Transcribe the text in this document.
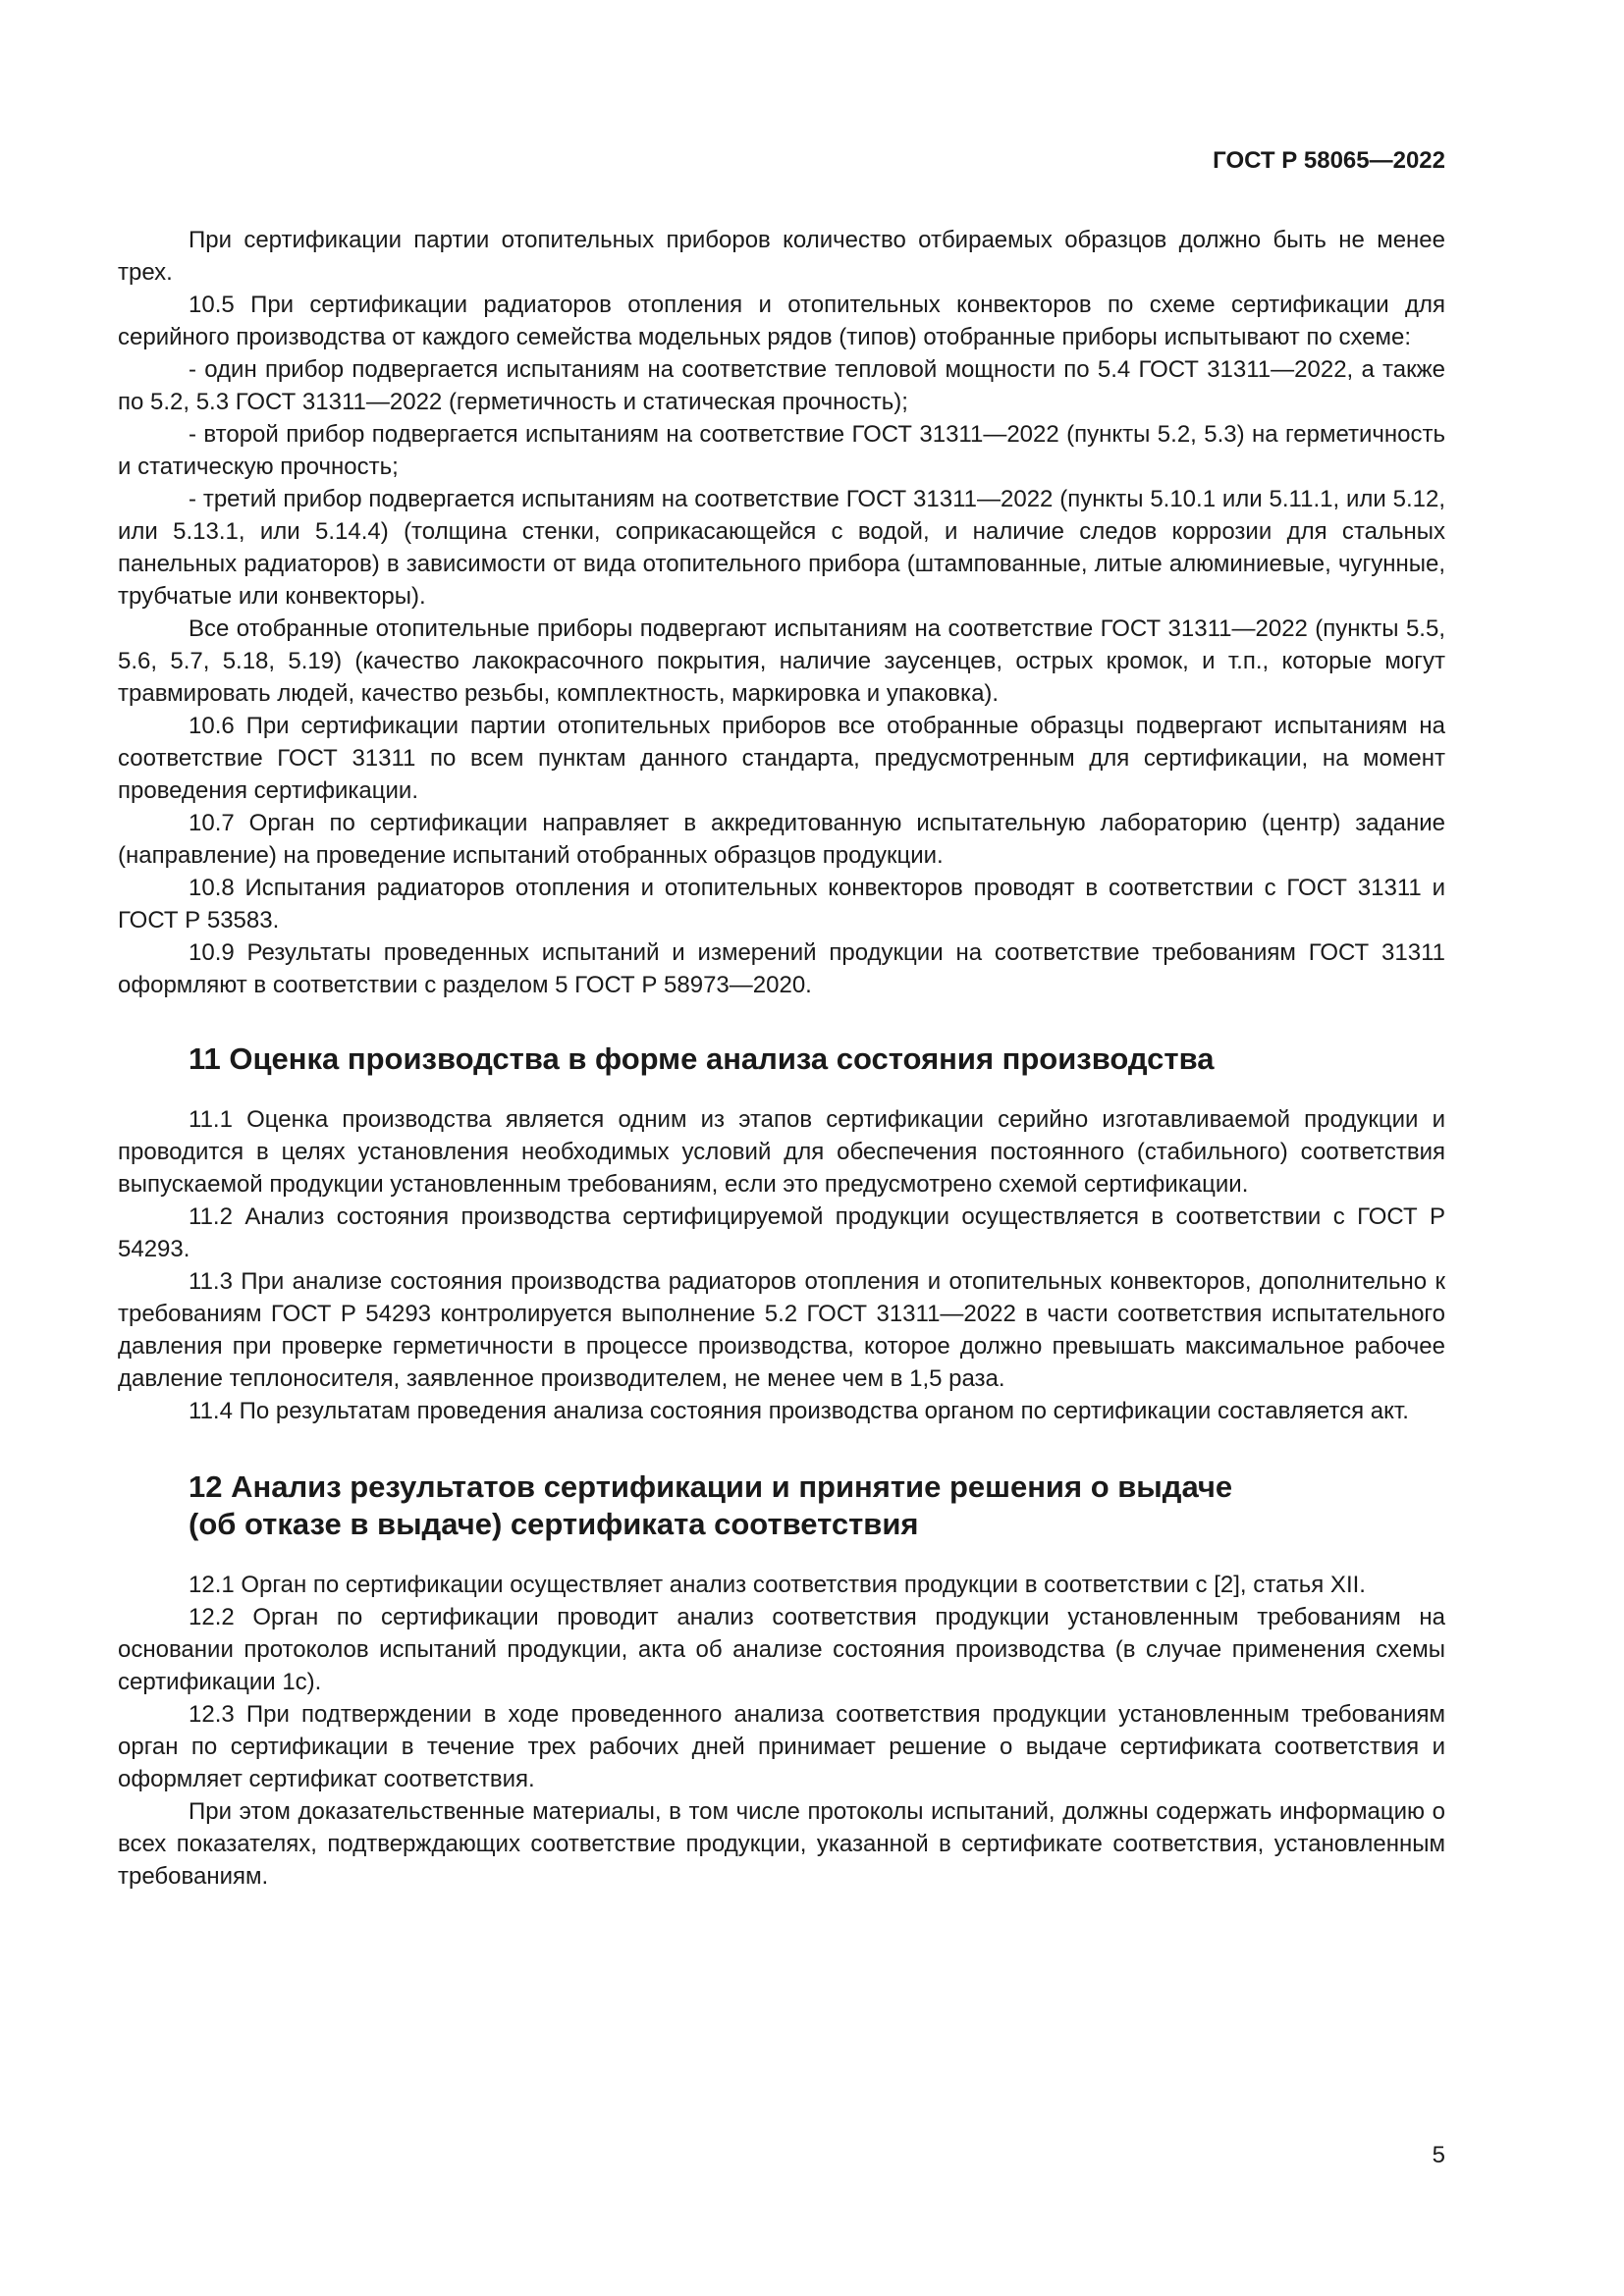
ГОСТ Р 58065—2022

При сертификации партии отопительных приборов количество отбираемых образцов должно быть не менее трех.

10.5 При сертификации радиаторов отопления и отопительных конвекторов по схеме сертификации для серийного производства от каждого семейства модельных рядов (типов) отобранные приборы испытывают по схеме:

- один прибор подвергается испытаниям на соответствие тепловой мощности по 5.4 ГОСТ 31311—2022, а также по 5.2, 5.3 ГОСТ 31311—2022 (герметичность и статическая прочность);

- второй прибор подвергается испытаниям на соответствие ГОСТ 31311—2022 (пункты 5.2, 5.3) на герметичность и статическую прочность;

- третий прибор подвергается испытаниям на соответствие ГОСТ 31311—2022 (пункты 5.10.1 или 5.11.1, или 5.12, или 5.13.1, или 5.14.4) (толщина стенки, соприкасающейся с водой, и наличие следов коррозии для стальных панельных радиаторов) в зависимости от вида отопительного прибора (штампованные, литые алюминиевые, чугунные, трубчатые или конвекторы).

Все отобранные отопительные приборы подвергают испытаниям на соответствие ГОСТ 31311—2022 (пункты 5.5, 5.6, 5.7, 5.18, 5.19) (качество лакокрасочного покрытия, наличие заусенцев, острых кромок, и т.п., которые могут травмировать людей, качество резьбы, комплектность, маркировка и упаковка).

10.6 При сертификации партии отопительных приборов все отобранные образцы подвергают испытаниям на соответствие ГОСТ 31311 по всем пунктам данного стандарта, предусмотренным для сертификации, на момент проведения сертификации.

10.7 Орган по сертификации направляет в аккредитованную испытательную лабораторию (центр) задание (направление) на проведение испытаний отобранных образцов продукции.

10.8 Испытания радиаторов отопления и отопительных конвекторов проводят в соответствии с ГОСТ 31311 и ГОСТ Р 53583.

10.9 Результаты проведенных испытаний и измерений продукции на соответствие требованиям ГОСТ 31311 оформляют в соответствии с разделом 5 ГОСТ Р 58973—2020.

11 Оценка производства в форме анализа состояния производства

11.1 Оценка производства является одним из этапов сертификации серийно изготавливаемой продукции и проводится в целях установления необходимых условий для обеспечения постоянного (стабильного) соответствия выпускаемой продукции установленным требованиям, если это предусмотрено схемой сертификации.

11.2 Анализ состояния производства сертифицируемой продукции осуществляется в соответствии с ГОСТ Р 54293.

11.3 При анализе состояния производства радиаторов отопления и отопительных конвекторов, дополнительно к требованиям ГОСТ Р 54293 контролируется выполнение 5.2 ГОСТ 31311—2022 в части соответствия испытательного давления при проверке герметичности в процессе производства, которое должно превышать максимальное рабочее давление теплоносителя, заявленное производителем, не менее чем в 1,5 раза.

11.4 По результатам проведения анализа состояния производства органом по сертификации составляется акт.

12 Анализ результатов сертификации и принятие решения о выдаче
(об отказе в выдаче) сертификата соответствия

12.1 Орган по сертификации осуществляет анализ соответствия продукции в соответствии с [2], статья XII.

12.2 Орган по сертификации проводит анализ соответствия продукции установленным требованиям на основании протоколов испытаний продукции, акта об анализе состояния производства (в случае применения схемы сертификации 1с).

12.3 При подтверждении в ходе проведенного анализа соответствия продукции установленным требованиям орган по сертификации в течение трех рабочих дней принимает решение о выдаче сертификата соответствия и оформляет сертификат соответствия.

При этом доказательственные материалы, в том числе протоколы испытаний, должны содержать информацию о всех показателях, подтверждающих соответствие продукции, указанной в сертификате соответствия, установленным требованиям.

5
